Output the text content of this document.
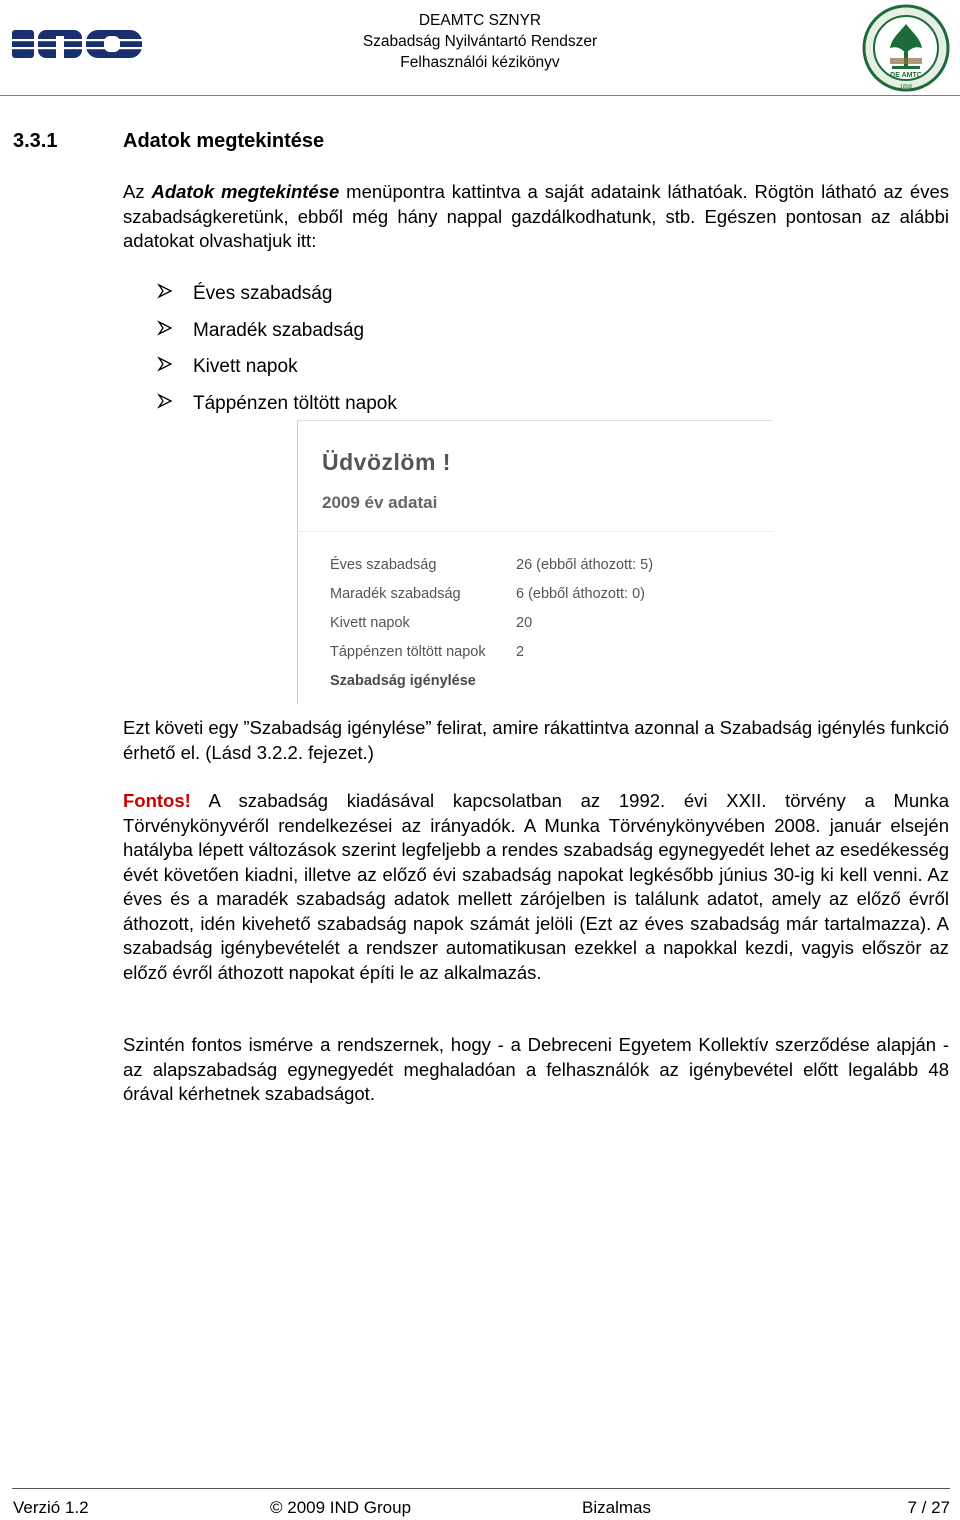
DEAMTC SZNYR
Szabadság Nyilvántartó Rendszer
Felhasználói kézikönyv
DE AMTC
1868
3.3.1	Adatok megtekintése
Az Adatok megtekintése menüpontra kattintva a saját adataink láthatóak. Rögtön látható az éves szabadságkeretünk, ebből még hány nappal gazdálkodhatunk, stb. Egészen pontosan az alábbi adatokat olvashatjuk itt:
Éves szabadság
Maradék szabadság
Kivett napok
Táppénzen töltött napok
Üdvözlöm !
2009 év adatai
Éves szabadság	26 (ebből áthozott: 5)
Maradék szabadság	6 (ebből áthozott: 0)
Kivett napok	20
Táppénzen töltött napok 2
Szabadság igénylése
Ezt követi egy ”Szabadság igénylése” felirat, amire rákattintva azonnal a Szabadság igénylés funkció érhető el. (Lásd 3.2.2. fejezet.)
Fontos! A szabadság kiadásával kapcsolatban az 1992. évi XXII. törvény a Munka Törvénykönyvéről rendelkezései az irányadók. A Munka Törvénykönyvében 2008. január elsején hatályba lépett változások szerint legfeljebb a rendes szabadság egynegyedét lehet az esedékesség évét követően kiadni, illetve az előző évi szabadság napokat legkésőbb június 30-ig ki kell venni. Az éves és a maradék szabadság adatok mellett zárójelben is találunk adatot, amely az előző évről áthozott, idén kivehető szabadság napok számát jelöli (Ezt az éves szabadság már tartalmazza). A szabadság igénybevételét a rendszer automatikusan ezekkel a napokkal kezdi, vagyis először az előző évről áthozott napokat építi le az alkalmazás.
Szintén fontos ismérve a rendszernek, hogy - a Debreceni Egyetem Kollektív szerződése alapján - az alapszabadság egynegyedét meghaladóan a felhasználók az igénybevétel előtt legalább 48 órával kérhetnek szabadságot.
Verzió 1.2	© 2009 IND Group	Bizalmas	7 / 27
